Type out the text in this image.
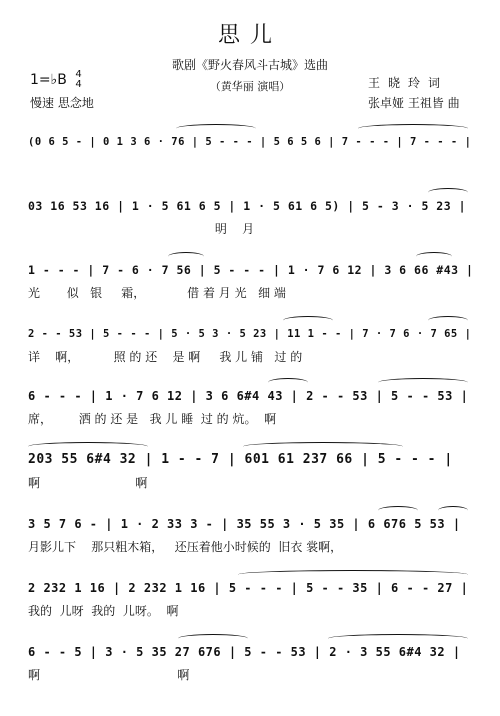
思儿
歌剧《野火春风斗古城》选曲
（黄华丽 演唱）
1=♭B 4
4
慢速 思念地
王晓玲词
张卓娅 王祖皆 曲
(0 6 5 - | 0 1 3 6 · 76 | 5 - - - | 5 6 5 6 | 7 - - - | 7 - - - |
03 16 53 16 | 1 · 5 61 6 5 | 1 · 5 61 6 5) | 5 - 3 · 5 23 |
明    月
1 - - - | 7 - 6 · 7 56 | 5 - - - | 1 · 7 6 12 | 3 6 66 #43 |
光       似   银     霜，           借 着 月 光   细 端
2 - - 53 | 5 - - - | 5 · 5 3 · 5 23 | 11 1 - - | 7 · 7 6 · 7 65 |
详    啊，         照 的 还    是 啊     我 儿 铺   过 的
6 - - - | 1 · 7 6 12 | 3 6 6#4 43 | 2 - - 53 | 5 - - 53 |
席，       洒 的 还 是   我 儿 睡  过 的 炕。  啊
203 55 6#4 32 | 1 - - 7 | 601 61 237 66 | 5 - - - |
啊                         啊
3 5 7 6 - | 1 · 2 33 3 - | 35 55 3 · 5 35 | 6 676 5 53 |
月影儿下    那只粗木箱，   还压着他小时候的  旧衣 裳啊，
2 232 1 16 | 2 232 1 16 | 5 - - - | 5 - - 35 | 6 - - 27 |
我的  儿呀  我的  儿呀。  啊
6 - - 5 | 3 · 5 35 27 676 | 5 - - 53 | 2 · 3 55 6#4 32 |
啊                                    啊
